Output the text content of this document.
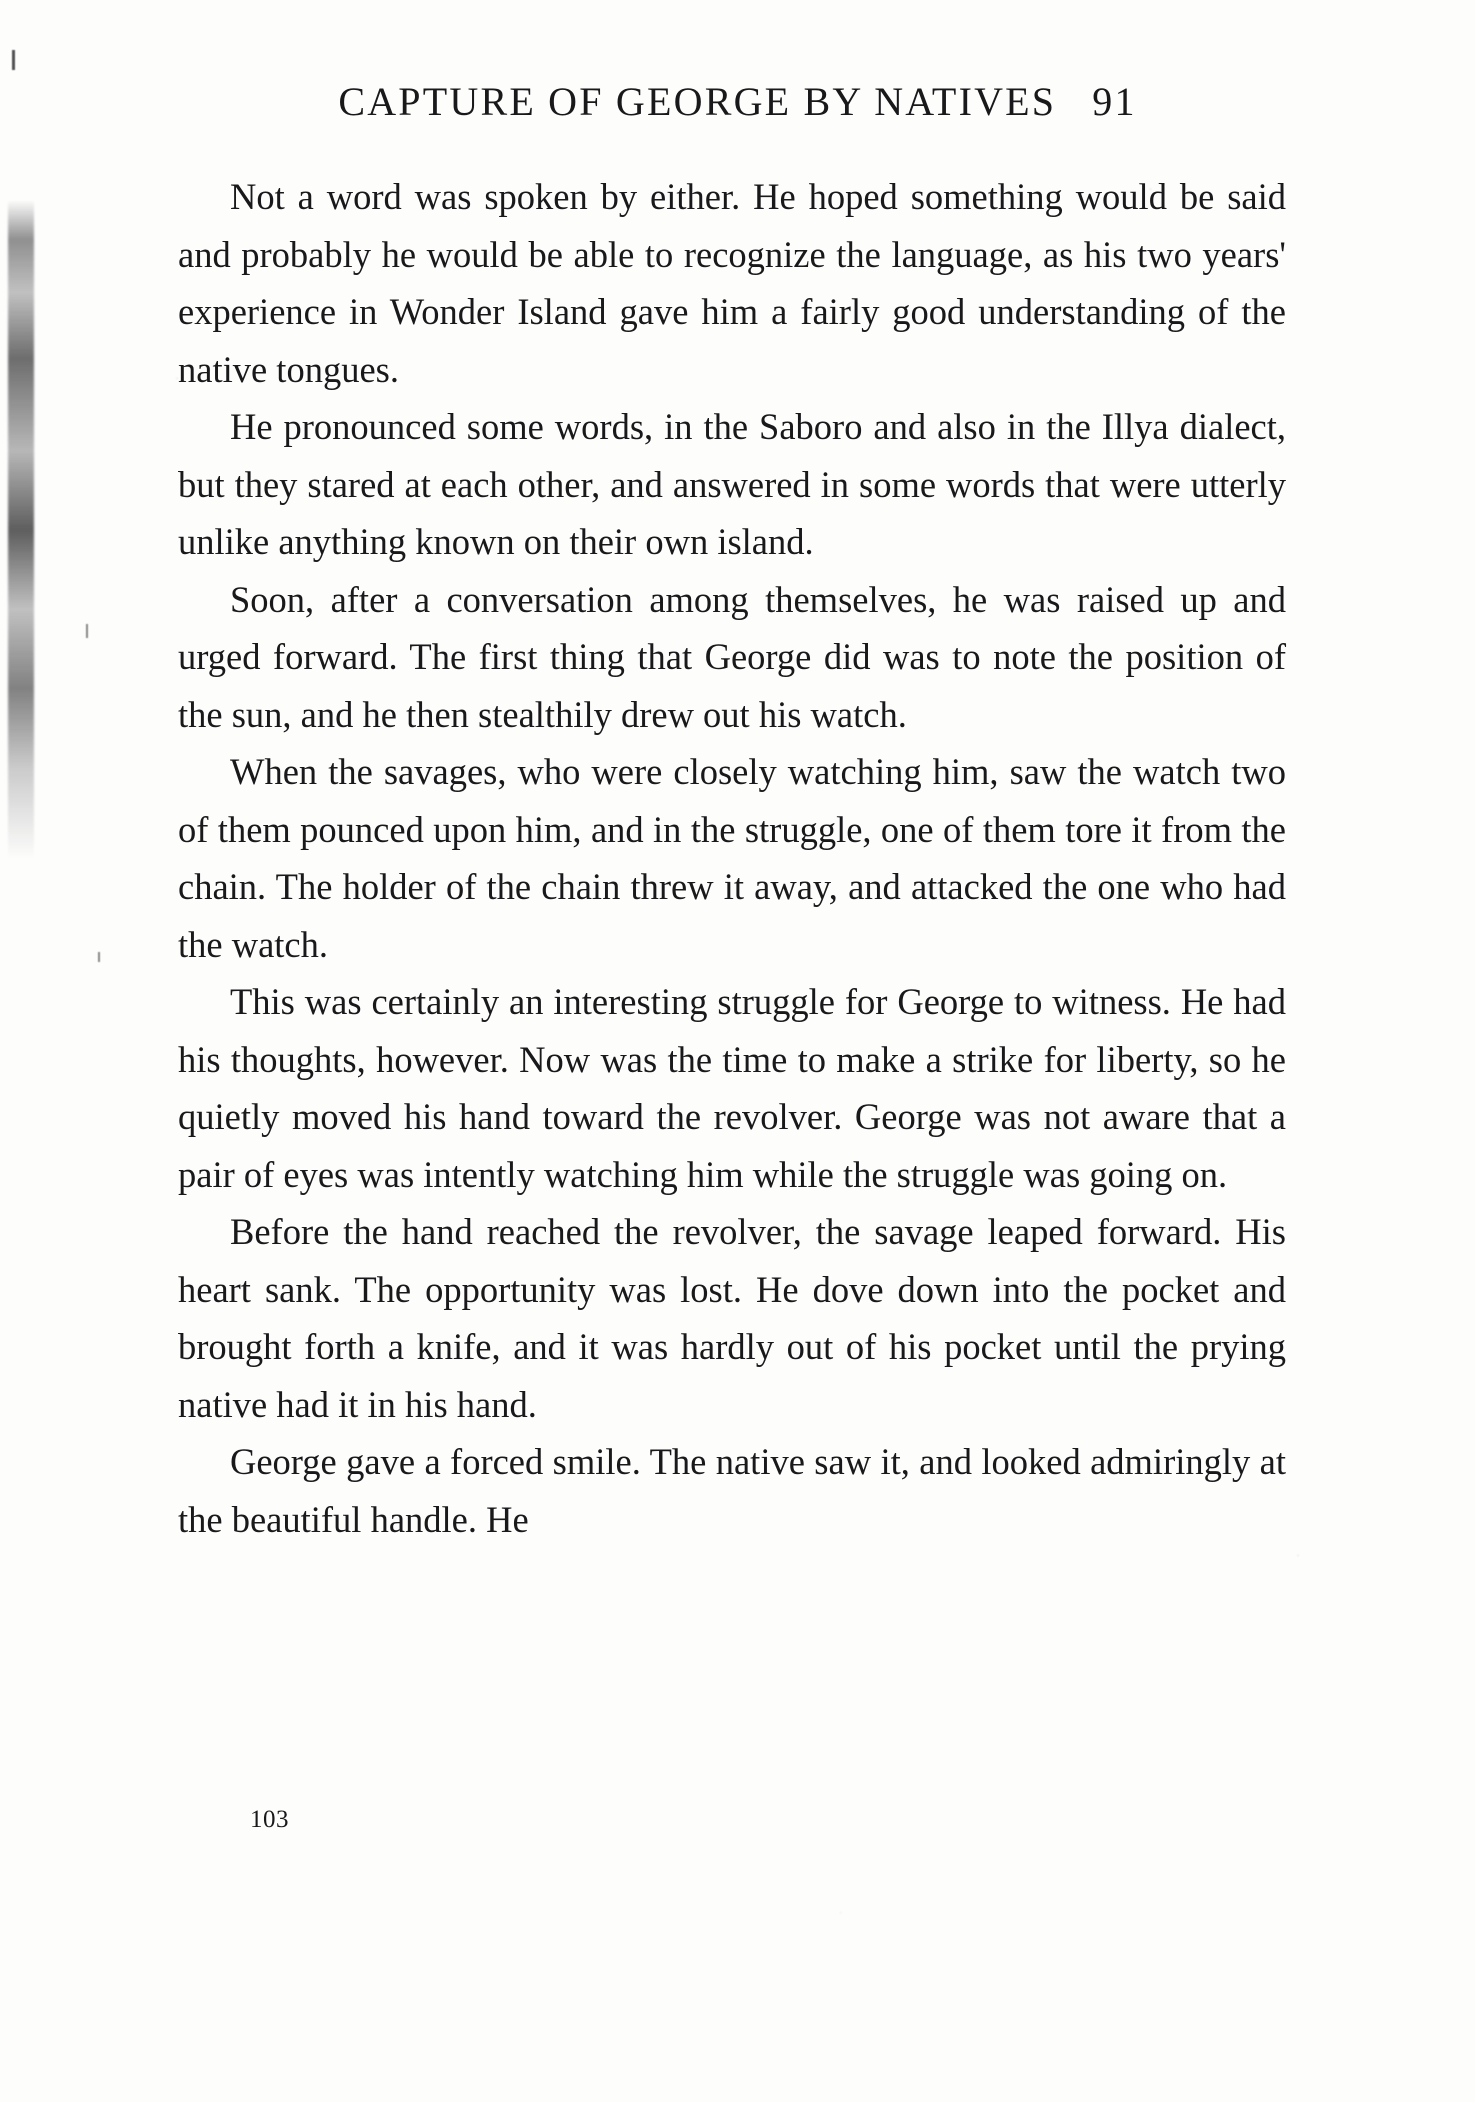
CAPTURE OF GEORGE BY NATIVES 91

Not a word was spoken by either. He hoped something would be said and probably he would be able to recognize the language, as his two years' experience in Wonder Island gave him a fairly good understanding of the native tongues.

He pronounced some words, in the Saboro and also in the Illya dialect, but they stared at each other, and answered in some words that were utterly unlike anything known on their own island.

Soon, after a conversation among themselves, he was raised up and urged forward. The first thing that George did was to note the position of the sun, and he then stealthily drew out his watch.

When the savages, who were closely watching him, saw the watch two of them pounced upon him, and in the struggle, one of them tore it from the chain. The holder of the chain threw it away, and attacked the one who had the watch.

This was certainly an interesting struggle for George to witness. He had his thoughts, however. Now was the time to make a strike for liberty, so he quietly moved his hand toward the revolver. George was not aware that a pair of eyes was intently watching him while the struggle was going on.

Before the hand reached the revolver, the savage leaped forward. His heart sank. The opportunity was lost. He dove down into the pocket and brought forth a knife, and it was hardly out of his pocket until the prying native had it in his hand.

George gave a forced smile. The native saw it, and looked admiringly at the beautiful handle. He

103
